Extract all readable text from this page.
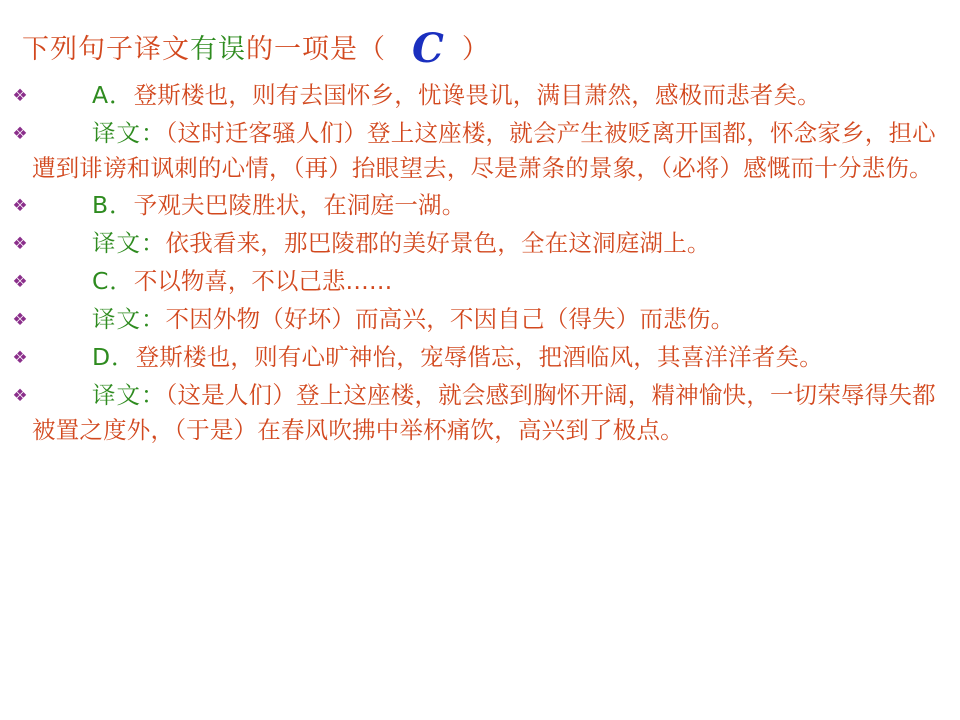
下列句子译文有误的一项是（ C ）
❖	A．登斯楼也，则有去国怀乡，忧谗畏讥，满目萧然，感极而悲者矣。
❖	译文：（这时迁客骚人们）登上这座楼，就会产生被贬离开国都，怀念家乡，担心遭到诽谤和讽刺的心情，（再）抬眼望去，尽是萧条的景象，（必将）感慨而十分悲伤。
❖	B．予观夫巴陵胜状，在洞庭一湖。
❖	译文：依我看来，那巴陵郡的美好景色，全在这洞庭湖上。
❖	C．不以物喜，不以己悲……
❖	译文：不因外物（好坏）而高兴，不因自己（得失）而悲伤。
❖	D．登斯楼也，则有心旷神怡，宠辱偕忘，把酒临风，其喜洋洋者矣。
❖	译文：（这是人们）登上这座楼，就会感到胸怀开阔，精神愉快，一切荣辱得失都被置之度外，（于是）在春风吹拂中举杯痛饮，高兴到了极点。
